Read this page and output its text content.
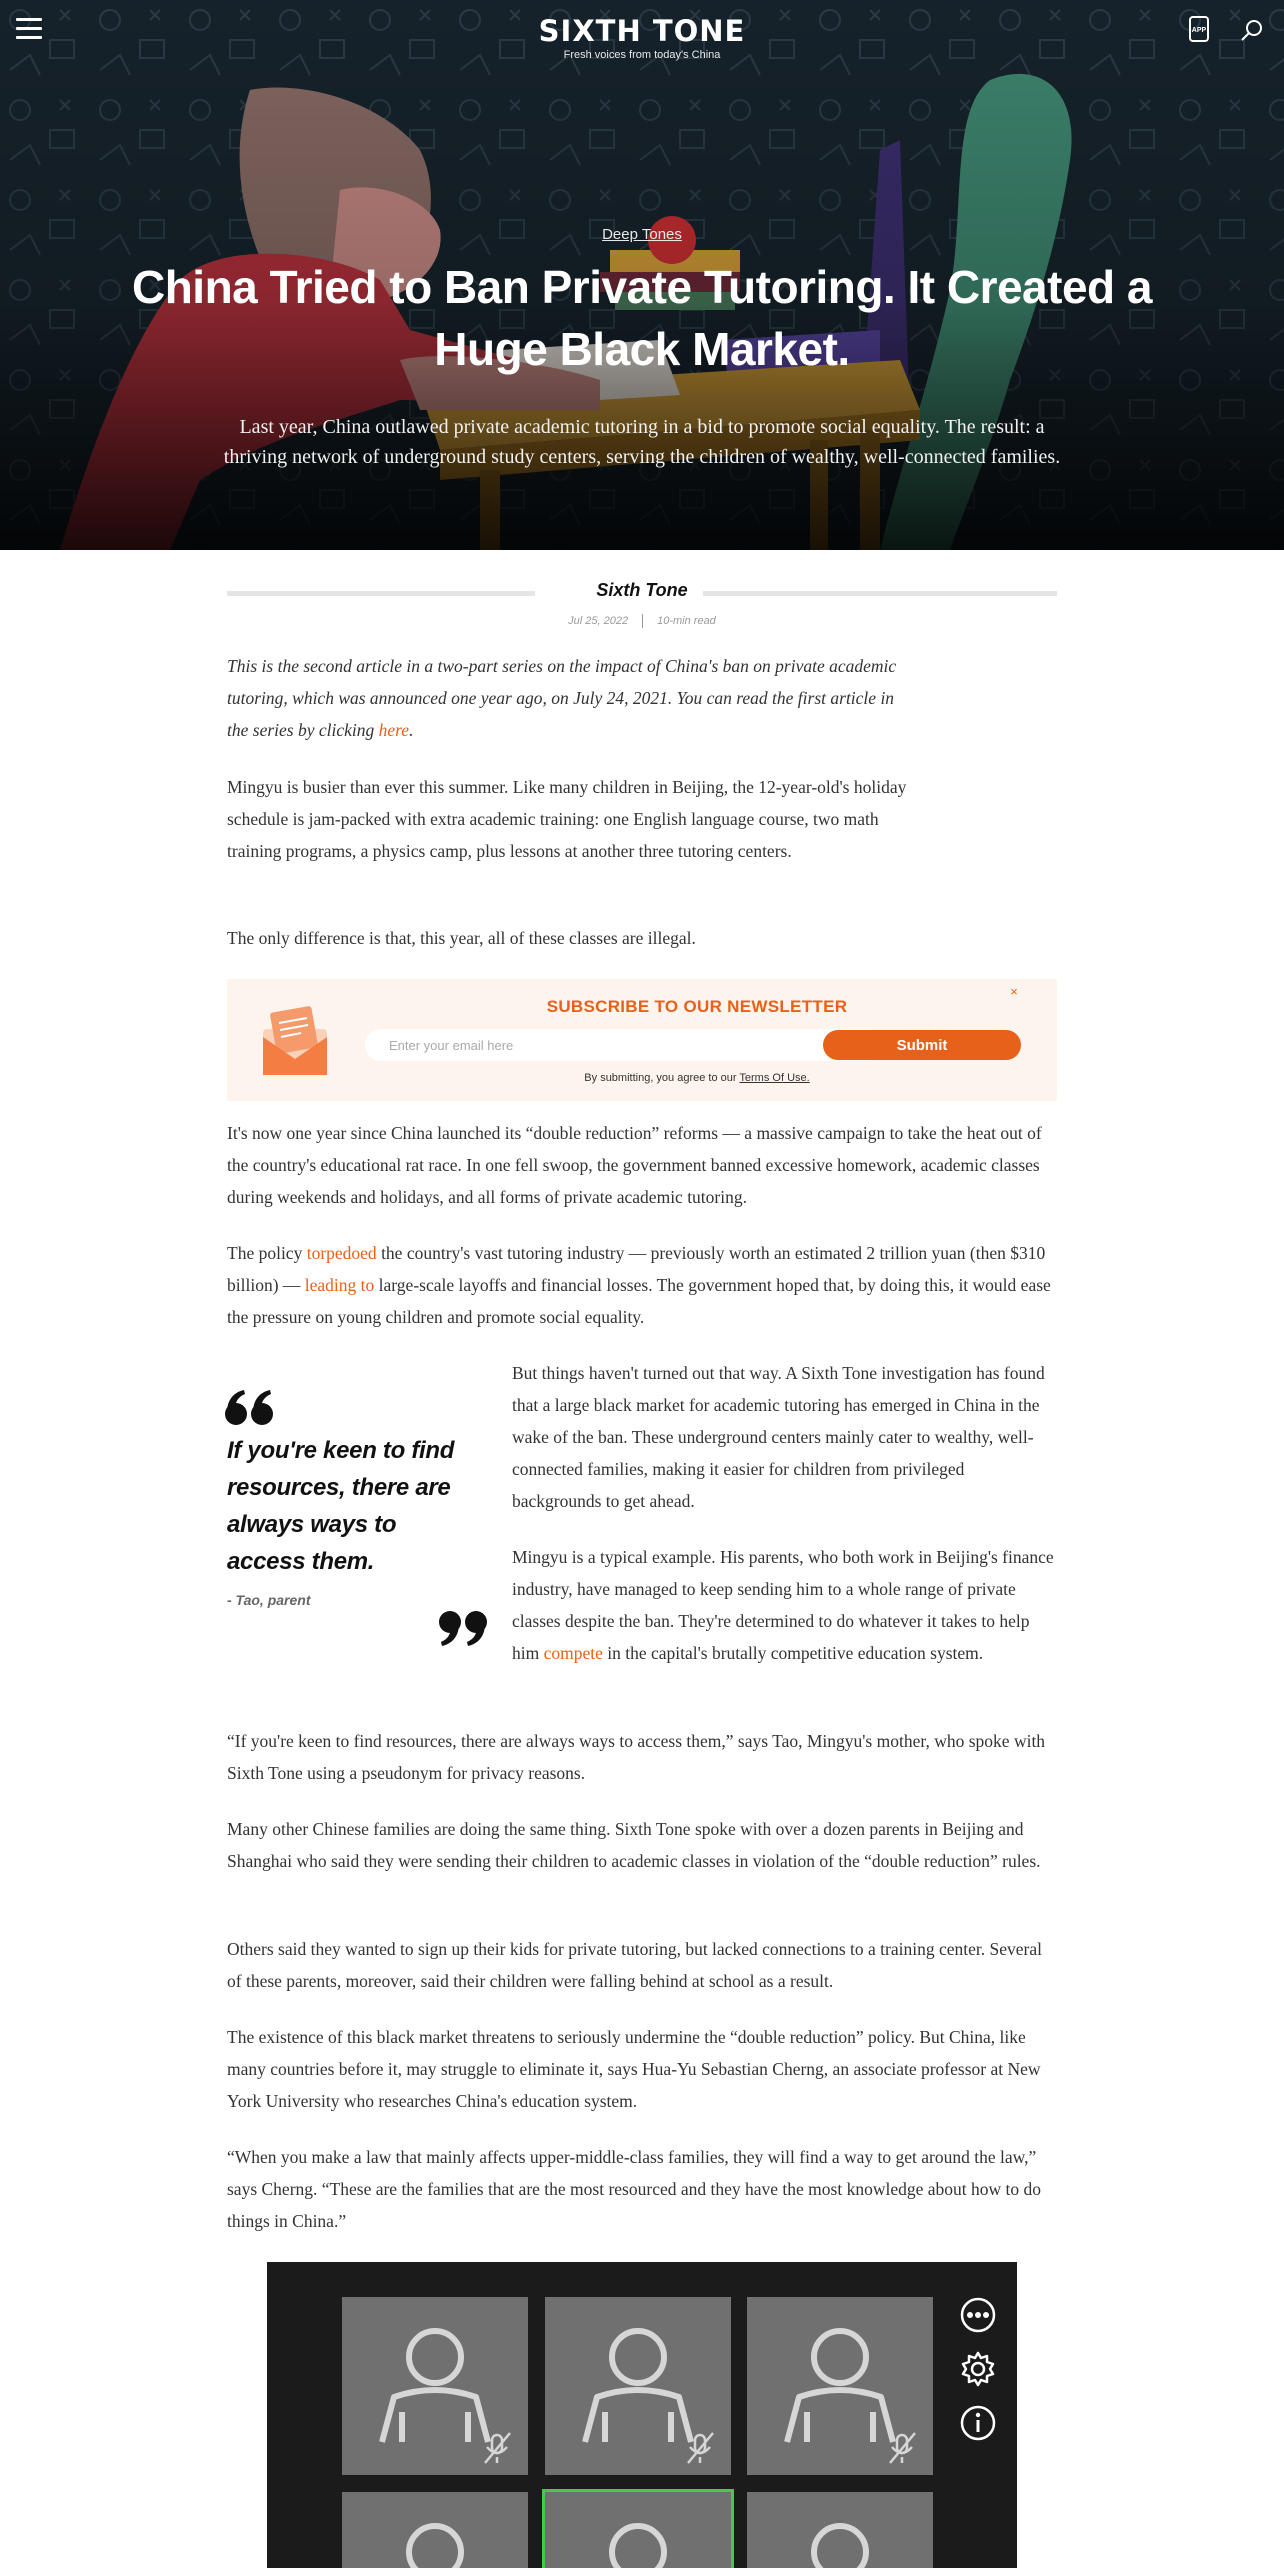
SIXTH TONE
Fresh voices from today's China
APP
Deep Tones
China Tried to Ban Private Tutoring. It Created a Huge Black Market.

Last year, China outlawed private academic tutoring in a bid to promote social equality. The result: a thriving network of underground study centers, serving the children of wealthy, well-connected families.

Sixth Tone
Jul 25, 2022	10-min read

This is the second article in a two-part series on the impact of China's ban on private academic tutoring, which was announced one year ago, on July 24, 2021. You can read the first article in the series by clicking here.

Mingyu is busier than ever this summer. Like many children in Beijing, the 12-year-old's holiday schedule is jam-packed with extra academic training: one English language course, two math training programs, a physics camp, plus lessons at another three tutoring centers.

The only difference is that, this year, all of these classes are illegal.

×
SUBSCRIBE TO OUR NEWSLETTER
Enter your email here
Submit
By submitting, you agree to our Terms Of Use.

It's now one year since China launched its “double reduction” reforms — a massive campaign to take the heat out of the country's educational rat race. In one fell swoop, the government banned excessive homework, academic classes during weekends and holidays, and all forms of private academic tutoring.

The policy torpedoed the country's vast tutoring industry — previously worth an estimated 2 trillion yuan (then $310 billion) — leading to large-scale layoffs and financial losses. The government hoped that, by doing this, it would ease the pressure on young children and promote social equality.

If you're keen to find resources, there are always ways to access them.
- Tao, parent

But things haven't turned out that way. A Sixth Tone investigation has found that a large black market for academic tutoring has emerged in China in the wake of the ban. These underground centers mainly cater to wealthy, well-connected families, making it easier for children from privileged backgrounds to get ahead.

Mingyu is a typical example. His parents, who both work in Beijing's finance industry, have managed to keep sending him to a whole range of private classes despite the ban. They're determined to do whatever it takes to help him compete in the capital's brutally competitive education system.

“If you're keen to find resources, there are always ways to access them,” says Tao, Mingyu's mother, who spoke with Sixth Tone using a pseudonym for privacy reasons.

Many other Chinese families are doing the same thing. Sixth Tone spoke with over a dozen parents in Beijing and Shanghai who said they were sending their children to academic classes in violation of the “double reduction” rules.

Others said they wanted to sign up their kids for private tutoring, but lacked connections to a training center. Several of these parents, moreover, said their children were falling behind at school as a result.

The existence of this black market threatens to seriously undermine the “double reduction” policy. But China, like many countries before it, may struggle to eliminate it, says Hua-Yu Sebastian Cherng, an associate professor at New York University who researches China's education system.

“When you make a law that mainly affects upper-middle-class families, they will find a way to get around the law,” says Cherng. “These are the families that are the most resourced and they have the most knowledge about how to do things in China.”
